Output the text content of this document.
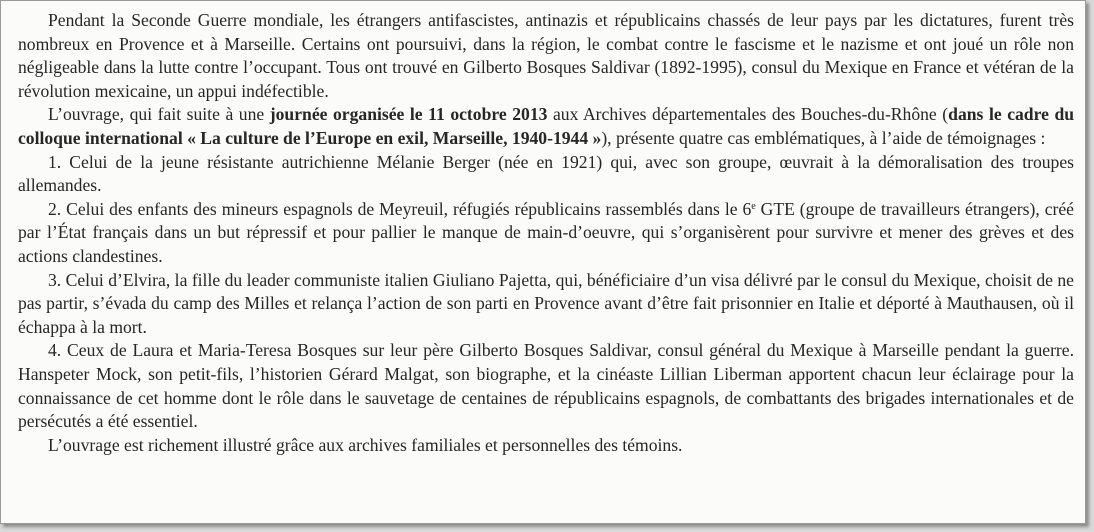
Pendant la Seconde Guerre mondiale, les étrangers antifascistes, antinazis et républicains chassés de leur pays par les dictatures, furent très nombreux en Provence et à Marseille. Certains ont poursuivi, dans la région, le combat contre le fascisme et le nazisme et ont joué un rôle non négligeable dans la lutte contre l’occupant. Tous ont trouvé en Gilberto Bosques Saldivar (1892-1995), consul du Mexique en France et vétéran de la révolution mexicaine, un appui indéfectible.

L’ouvrage, qui fait suite à une journée organisée le 11 octobre 2013 aux Archives départementales des Bouches-du-Rhône (dans le cadre du colloque international « La culture de l’Europe en exil, Marseille, 1940-1944 »), présente quatre cas emblématiques, à l’aide de témoignages :

1. Celui de la jeune résistante autrichienne Mélanie Berger (née en 1921) qui, avec son groupe, œuvrait à la démoralisation des troupes allemandes.

2. Celui des enfants des mineurs espagnols de Meyreuil, réfugiés républicains rassemblés dans le 6e GTE (groupe de travailleurs étrangers), créé par l’État français dans un but répressif et pour pallier le manque de main-d’oeuvre, qui s’organisèrent pour survivre et mener des grèves et des actions clandestines.

3. Celui d’Elvira, la fille du leader communiste italien Giuliano Pajetta, qui, bénéficiaire d’un visa délivré par le consul du Mexique, choisit de ne pas partir, s’évada du camp des Milles et relança l’action de son parti en Provence avant d’être fait prisonnier en Italie et déporté à Mauthausen, où il échappa à la mort.

4. Ceux de Laura et Maria-Teresa Bosques sur leur père Gilberto Bosques Saldivar, consul général du Mexique à Marseille pendant la guerre. Hanspeter Mock, son petit-fils, l’historien Gérard Malgat, son biographe, et la cinéaste Lillian Liberman apportent chacun leur éclairage pour la connaissance de cet homme dont le rôle dans le sauvetage de centaines de républicains espagnols, de combattants des brigades internationales et de persécutés a été essentiel.

L’ouvrage est richement illustré grâce aux archives familiales et personnelles des témoins.
